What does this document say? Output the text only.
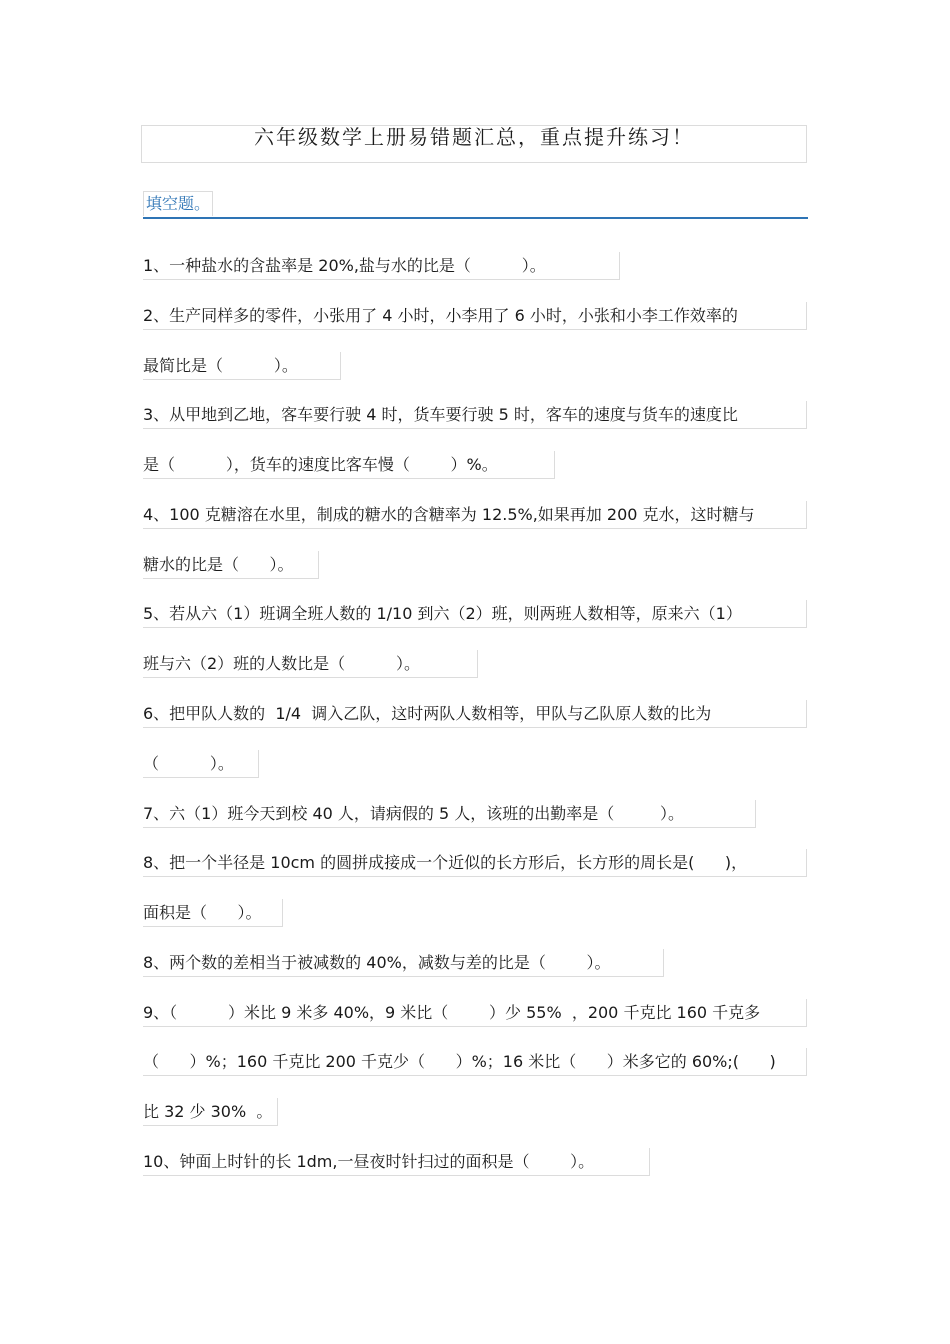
六年级数学上册易错题汇总，重点提升练习！
填空题。
1、一种盐水的含盐率是 20%,盐与水的比是（          ）。
2、生产同样多的零件，小张用了 4 小时，小李用了 6 小时，小张和小李工作效率的
最简比是（          ）。
3、从甲地到乙地，客车要行驶 4 时，货车要行驶 5 时，客车的速度与货车的速度比
是（          ），货车的速度比客车慢（        ）%。
4、100 克糖溶在水里，制成的糖水的含糖率为 12.5%,如果再加 200 克水，这时糖与
糖水的比是（      ）。
5、若从六（1）班调全班人数的 1/10 到六（2）班，则两班人数相等，原来六（1）
班与六（2）班的人数比是（          ）。
6、把甲队人数的  1/4  调入乙队，这时两队人数相等，甲队与乙队原人数的比为
（          ）。
7、六（1）班今天到校 40 人，请病假的 5 人，该班的出勤率是（         ）。
8、把一个半径是 10cm 的圆拼成接成一个近似的长方形后，长方形的周长是(      )，
面积是（      ）。
8、两个数的差相当于被减数的 40%，减数与差的比是（        ）。
9、（          ）米比 9 米多 40%，9 米比（        ）少 55%  ，200 千克比 160 千克多
（      ）%；160 千克比 200 千克少（      ）%；16 米比（      ）米多它的 60%;(      )
比 32 少 30%  。
10、钟面上时针的长 1dm,一昼夜时针扫过的面积是（        ）。
